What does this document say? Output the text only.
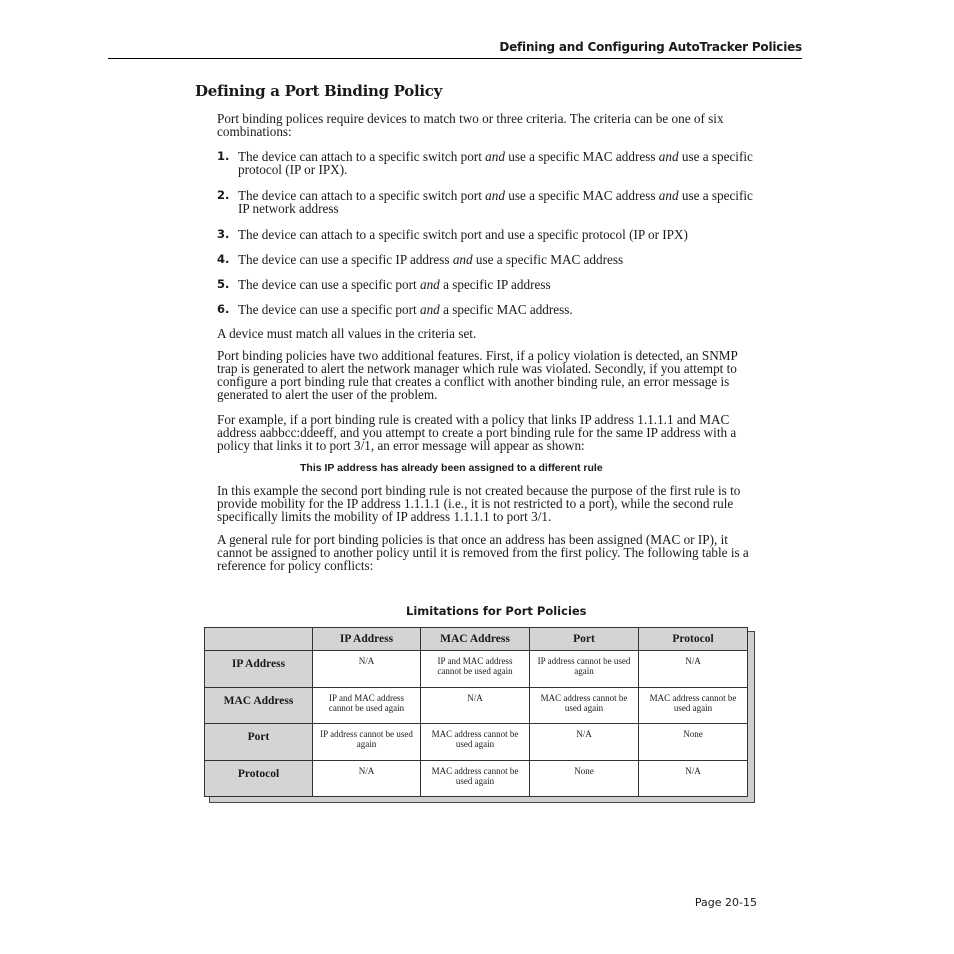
Defining and Configuring AutoTracker Policies
Defining a Port Binding Policy

Port binding polices require devices to match two or three criteria. The criteria can be one of six combinations:

1. The device can attach to a specific switch port and use a specific MAC address and use a specific protocol (IP or IPX).
2. The device can attach to a specific switch port and use a specific MAC address and use a specific IP network address
3. The device can attach to a specific switch port and use a specific protocol (IP or IPX)
4. The device can use a specific IP address and use a specific MAC address
5. The device can use a specific port and a specific IP address
6. The device can use a specific port and a specific MAC address.

A device must match all values in the criteria set.

Port binding policies have two additional features. First, if a policy violation is detected, an SNMP trap is generated to alert the network manager which rule was violated. Secondly, if you attempt to configure a port binding rule that creates a conflict with another binding rule, an error message is generated to alert the user of the problem.

For example, if a port binding rule is created with a policy that links IP address 1.1.1.1 and MAC address aabbcc:ddeeff, and you attempt to create a port binding rule for the same IP address with a policy that links it to port 3/1, an error message will appear as shown:

This IP address has already been assigned to a different rule

In this example the second port binding rule is not created because the purpose of the first rule is to provide mobility for the IP address 1.1.1.1 (i.e., it is not restricted to a port), while the second rule specifically limits the mobility of IP address 1.1.1.1 to port 3/1.

A general rule for port binding policies is that once an address has been assigned (MAC or IP), it cannot be assigned to another policy until it is removed from the first policy. The following table is a reference for policy conflicts:

Limitations for Port Policies
	IP Address	MAC Address	Port	Protocol
IP Address	N/A	IP and MAC address cannot be used again	IP address cannot be used again	N/A
MAC Address	IP and MAC address cannot be used again	N/A	MAC address cannot be used again	MAC address cannot be used again
Port	IP address cannot be used again	MAC address cannot be used again	N/A	None
Protocol	N/A	MAC address cannot be used again	None	N/A
Page 20-15
